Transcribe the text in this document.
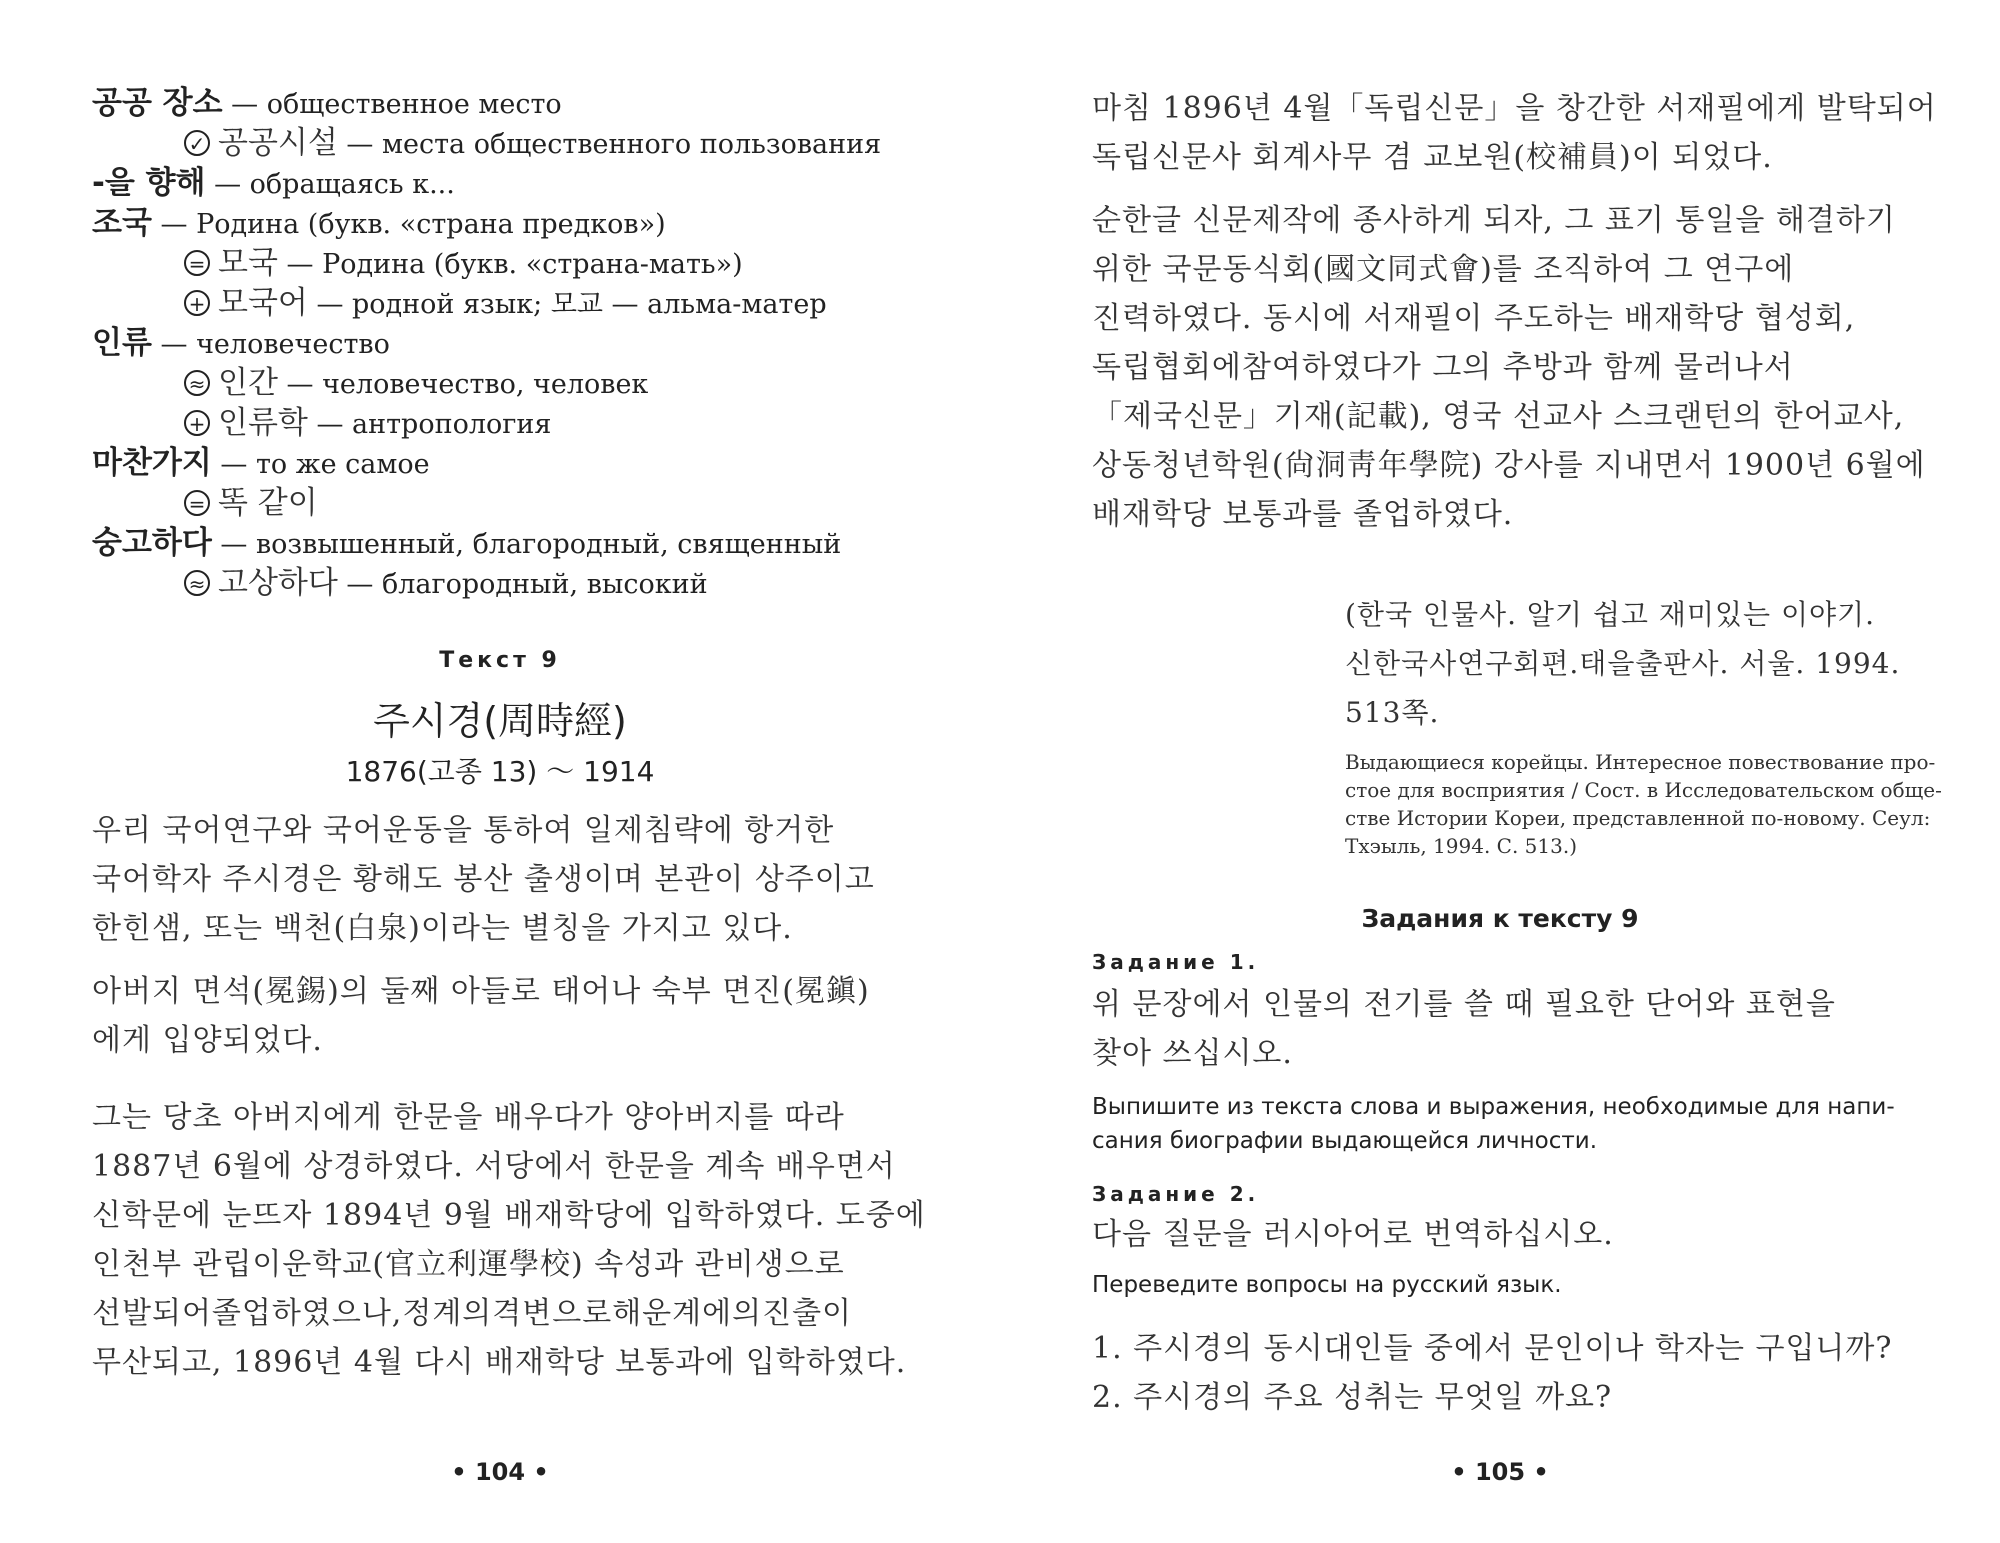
공공 장소 — общественное место
✓ 공공시설 — места общественного пользования
-을 향해 — обращаясь к...
조국 — Родина (букв. «страна предков»)
= 모국 — Родина (букв. «страна-мать»)
+ 모국어 — родной язык; 모교 — альма-матер
인류 — человечество
≈ 인간 — человечество, человек
+ 인류학 — антропология
마찬가지 — то же самое
= 똑 같이
숭고하다 — возвышенный, благородный, священный
≈ 고상하다 — благородный, высокий
Текст 9
주시경(周時經)
1876(고종 13) ～ 1914

우리 국어연구와 국어운동을 통하여 일제침략에 항거한

국어학자 주시경은 황해도 봉산 출생이며 본관이 상주이고

한힌샘, 또는 백천(白泉)이라는 별칭을 가지고 있다.

아버지 면석(冕錫)의 둘째 아들로 태어나 숙부 면진(冕鎭)

에게 입양되었다.

그는 당초 아버지에게 한문을 배우다가 양아버지를 따라

1887년 6월에 상경하였다. 서당에서 한문을 계속 배우면서

신학문에 눈뜨자 1894년 9월 배재학당에 입학하였다. 도중에

인천부 관립이운학교(官立利運學校) 속성과 관비생으로

선발되어졸업하였으나,정계의격변으로해운계에의진출이

무산되고, 1896년 4월 다시 배재학당 보통과에 입학하였다.

• 104 •

마침 1896년 4월「독립신문」을 창간한 서재필에게 발탁되어

독립신문사 회계사무 겸 교보원(校補員)이 되었다.

순한글 신문제작에 종사하게 되자, 그 표기 통일을 해결하기

위한 국문동식회(國文同式會)를 조직하여 그 연구에

진력하였다. 동시에 서재필이 주도하는 배재학당 협성회,

독립협회에참여하였다가 그의 추방과 함께 물러나서

「제국신문」기재(記載), 영국 선교사 스크랜턴의 한어교사,

상동청년학원(尙洞靑年學院) 강사를 지내면서 1900년 6월에

배재학당 보통과를 졸업하였다.

(한국 인물사. 알기 쉽고 재미있는 이야기.

신한국사연구회편.태을출판사. 서울. 1994.

513쪽.

Выдающиеся корейцы. Интересное повествование про-
стое для восприятия / Сост. в Исследовательском обще-
стве Истории Кореи, представленной по-новому. Сеул:
Тхэыль, 1994. С. 513.)
Задания к тексту 9
Задание 1.

위 문장에서 인물의 전기를 쓸 때 필요한 단어와 표현을

찾아 쓰십시오.

Выпишите из текста слова и выражения, необходимые для напи-
сания биографии выдающейся личности.
Задание 2.
다음 질문을 러시아어로 번역하십시오.
Переведите вопросы на русский язык.

1. 주시경의 동시대인들 중에서 문인이나 학자는 구입니까?

2. 주시경의 주요 성취는 무엇일 까요?

• 105 •
